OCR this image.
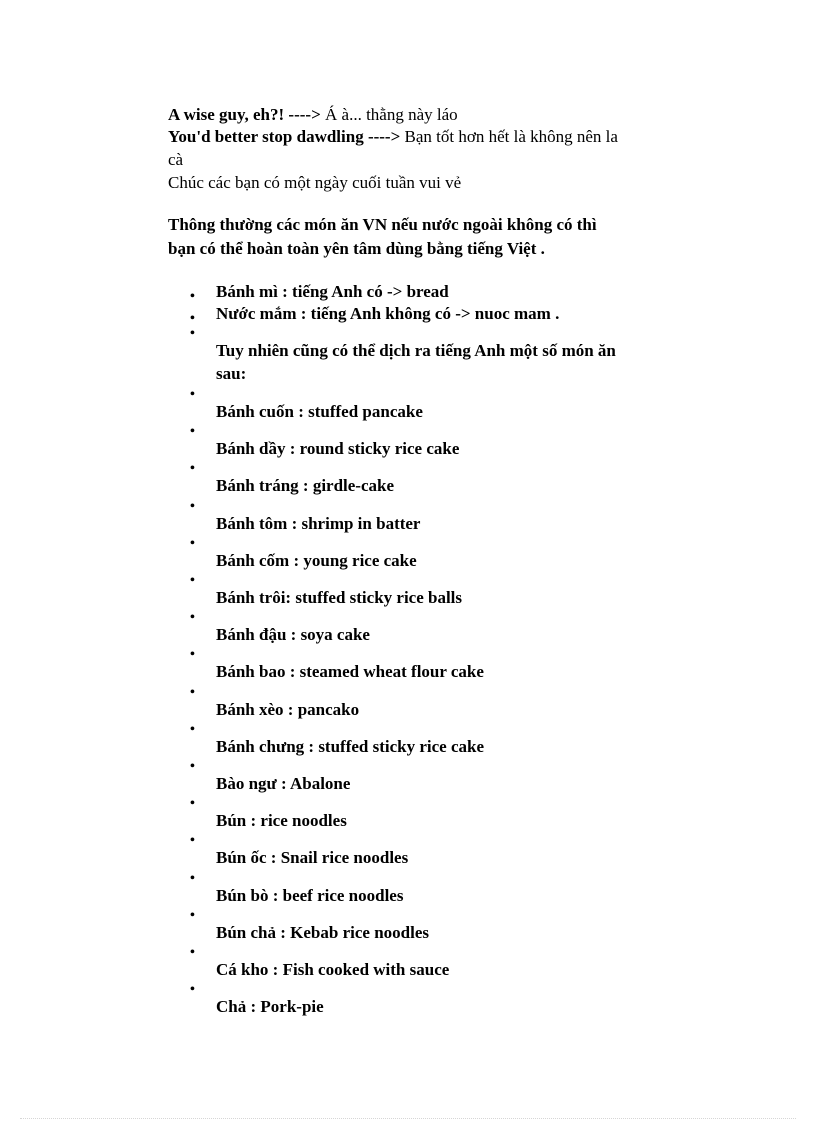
A wise guy, eh?! ----> Á à... thằng này láo
You'd better stop dawdling ----> Bạn tốt hơn hết là không nên la
cà
Chúc các bạn có một ngày cuối tuần vui vẻ
Thông thường các món ăn VN nếu nước ngoài không có thì
bạn có thể hoàn toàn yên tâm dùng bằng tiếng Việt .
• Bánh mì : tiếng Anh có -> bread
• Nước mắm : tiếng Anh không có -> nuoc mam .
•
Tuy nhiên cũng có thể dịch ra tiếng Anh một số món ăn
sau:
•
Bánh cuốn : stuffed pancake
•
Bánh dầy : round sticky rice cake
•
Bánh tráng : girdle-cake
•
Bánh tôm : shrimp in batter
•
Bánh cốm : young rice cake
•
Bánh trôi: stuffed sticky rice balls
•
Bánh đậu : soya cake
•
Bánh bao : steamed wheat flour cake
•
Bánh xèo : pancako
•
Bánh chưng : stuffed sticky rice cake
•
Bào ngư : Abalone
•
Bún : rice noodles
•
Bún ốc : Snail rice noodles
•
Bún bò : beef rice noodles
•
Bún chả : Kebab rice noodles
•
Cá kho : Fish cooked with sauce
•
Chả : Pork-pie
